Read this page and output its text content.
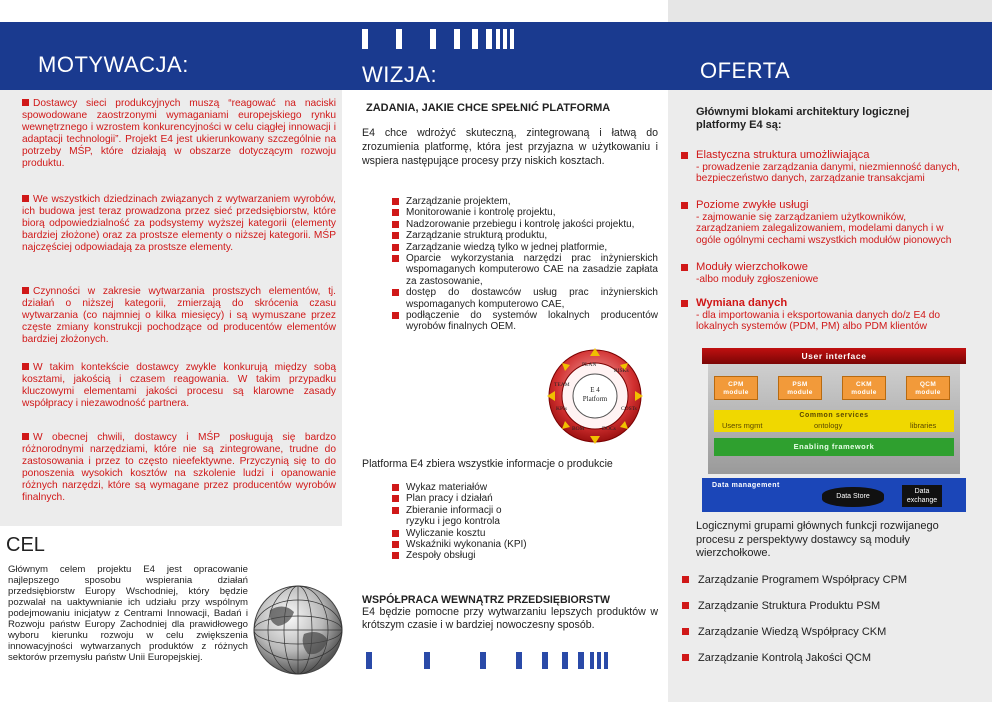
MOTYWACJA:	WIZJA:	OFERTA
Dostawcy sieci produkcyjnych muszą “reagować na naciski spowodowane zaostrzonymi wymaganiami europejskiego rynku wewnętrznego i wzrostem konkurencyjności w celu ciągłej innowacji i adaptacji technologii”. Projekt E4 jest ukierunkowany szczególnie na potrzeby MŚP, które działają w obszarze dotyczącym rozwoju produktu.
We wszystkich dziedzinach związanych z wytwarzaniem wyrobów, ich budowa jest teraz prowadzona przez sieć przedsiębiorstw, które biorą odpowiedzialność za podsystemy wyższej kategorii (elementy bardziej złożone) oraz za prostsze elementy o niższej kategorii. MŚP najczęściej odpowiadają za prostsze elementy.
Czynności w zakresie wytwarzania prostszych elementów, tj. działań o niższej kategorii, zmierzają do skrócenia czasu wytwarzania (co najmniej o kilka miesięcy) i są wymuszane przez częste zmiany konstrukcji pochodzące od producentów elementów bardziej złożonych.
W takim kontekście dostawcy zwykle konkurują między sobą kosztami, jakością i czasem reagowania. W takim przypadku kluczowymi elementami jakości procesu są klarowne zasady współpracy i niezawodność partnera.
W obecnej chwili, dostawcy i MŚP posługują się bardzo różnorodnymi narzędziami, które nie są zintegrowane, trudne do zastosowania i przez to często nieefektywne. Przyczynią się to do ponoszenia wysokich kosztów na szkolenie ludzi i opanowanie różnych narzędzi, które są wymagane przez producentów wyrobów finalnych.
CEL
Głównym celem projektu E4 jest opracowanie najlepszego sposobu wspierania działań przedsiębiorstw Europy Wschodniej, który będzie pozwalał na uaktywnianie ich udziału przy wspólnym podejmowaniu inicjatyw z Centrami Innowacji, Badań i Rozwoju państw Europy Zachodniej dla prawidłowego wyboru kierunku rozwoju w celu zwiększenia innowacyjności wytwarzanych produktów z różnych sektorów przemysłu państw Unii Europejskiej.
ZADANIA, JAKIE CHCE SPEŁNIĆ PLATFORMA
E4 chce wdrożyć skuteczną, zintegrowaną i łatwą do zrozumienia platformę, która jest przyjazna w użytkowaniu i wspiera następujące procesy przy niskich kosztach.
Zarządzanie projektem,
Monitorowanie i kontrolę projektu,
Nadzorowanie przebiegu i kontrolę jakości projektu,
Zarządzanie strukturą produktu,
Zarządzanie wiedzą tylko w jednej platformie,
Oparcie wykorzystania narzędzi prac inżynierskich wspomaganych komputerowo CAE na zasadzie zapłata za zastosowanie,
dostęp do dostawców usług prac inżynierskich wspomaganych komputerowo CAE,
podłączenie do systemów lokalnych producentów wyrobów finalnych OEM.
E 4
Platform
PLAN
RISKs
COSTs
DOCs
BOM
KPIs
TEAM
Platforma E4 zbiera wszystkie informacje o produkcie
Wykaz materiałów
Plan pracy i działań
Zbieranie informacji o ryzyku i jego kontrola
Wyliczanie kosztu
Wskaźniki wykonania (KPI)
Zespoły obsługi
WSPÓŁPRACA WEWNĄTRZ PRZEDSIĘBIORSTW
E4 będzie pomocne przy wytwarzaniu lepszych produktów w krótszym czasie i w bardziej nowoczesny sposób.
Głównymi blokami architektury logicznej platformy E4 są:
Elastyczna struktura umożliwiająca
- prowadzenie zarządzania danymi, niezmienność danych, bezpieczeństwo danych, zarządzanie transakcjami
Poziome zwykłe usługi
- zajmowanie się zarządzaniem użytkowników, zarządzaniem zalegalizowaniem, modelami danych i w ogóle ogólnymi cechami wszystkich modułów pionowych
Moduły wierzchołkowe
-albo moduły zgłoszeniowe
Wymiana danych
- dla importowania i eksportowania danych do/z E4 do lokalnych systemów (PDM, PM) albo PDM klientów
User interface
CPM module
PSM module
CKM module
QCM module
Common services
Users mgmt	ontology	libraries
Enabling framework
Data management
Data Store
Data exchange
Logicznymi grupami głównych funkcji rozwijanego procesu z perspektywy dostawcy są moduły wierzchołkowe.
Zarządzanie Programem Współpracy CPM
Zarządzanie Struktura Produktu PSM
Zarządzanie Wiedzą Współpracy CKM
Zarządzanie Kontrolą Jakości QCM
